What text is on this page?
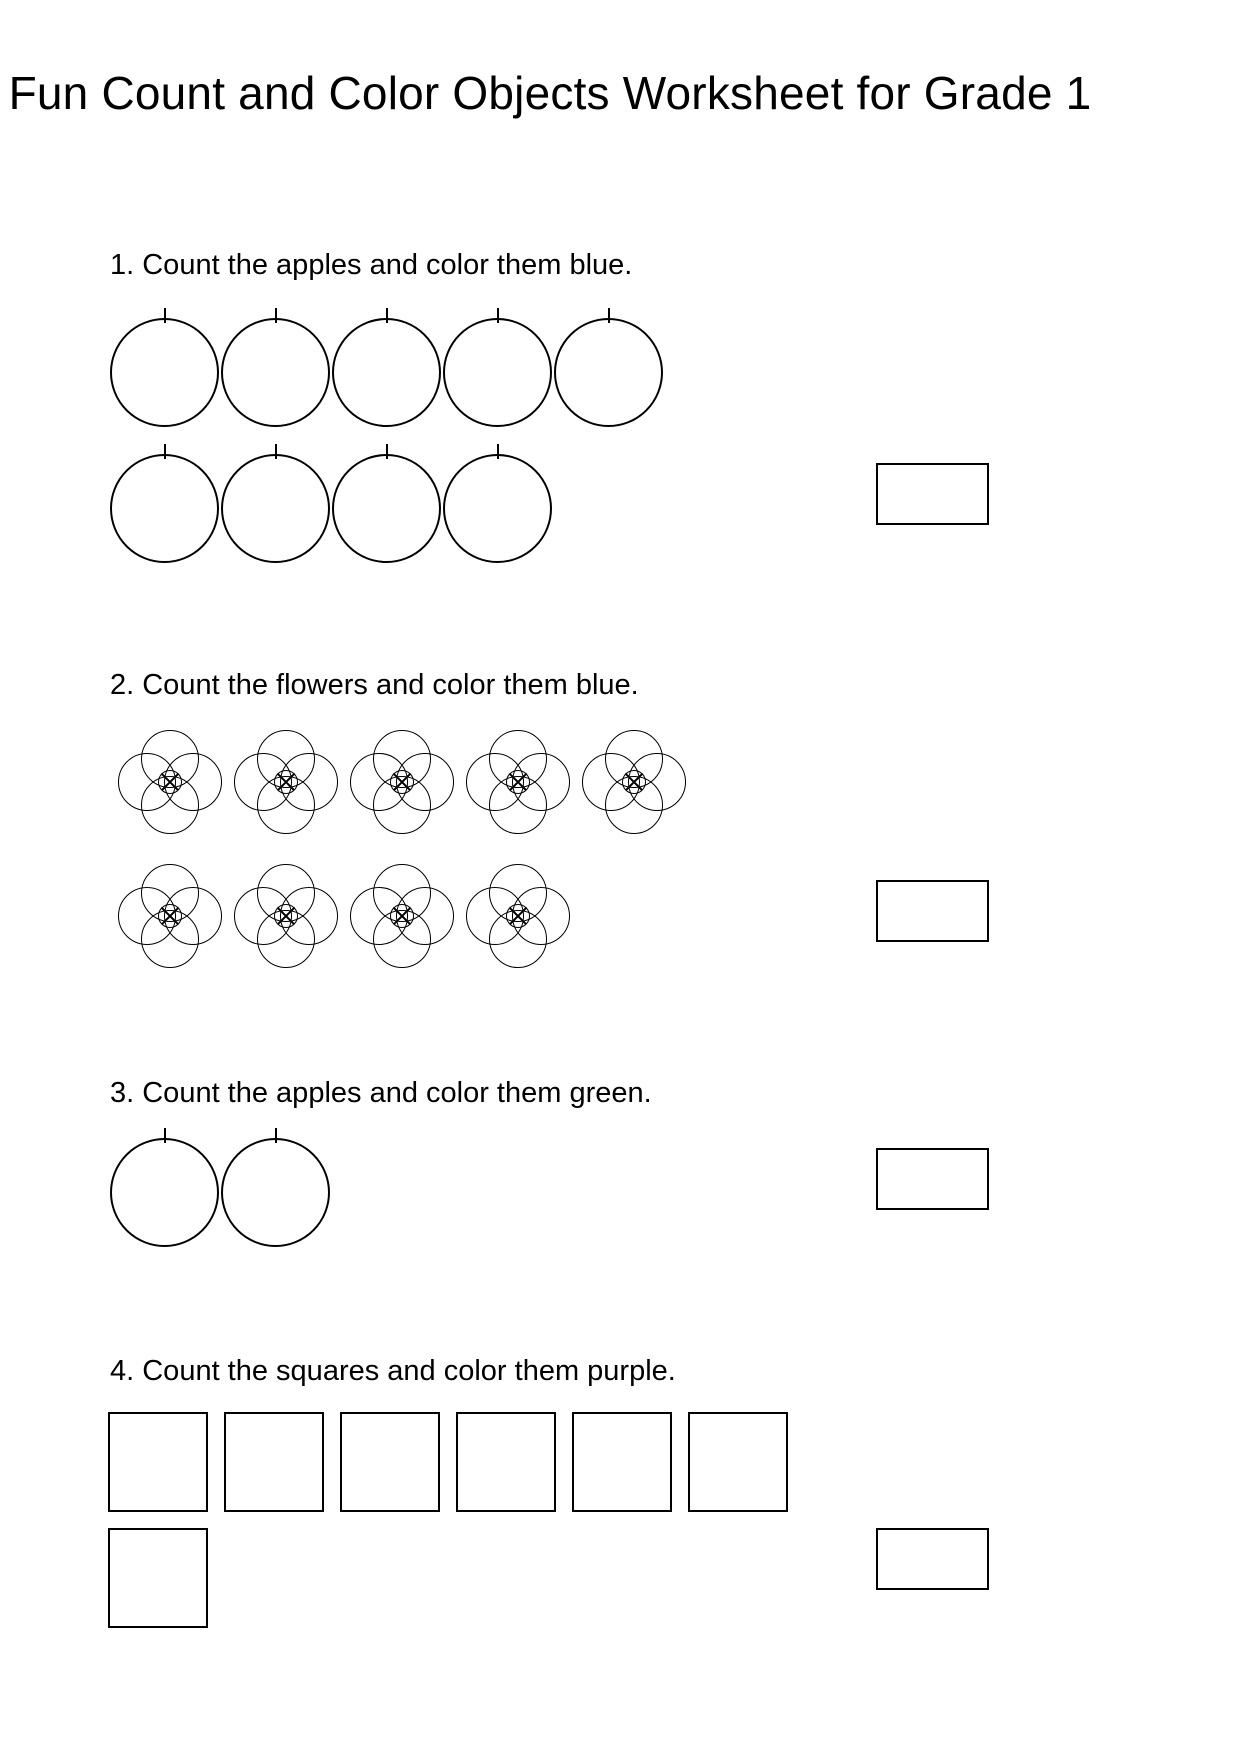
Fun Count and Color Objects Worksheet for Grade 1
1. Count the apples and color them blue.
2. Count the flowers and color them blue.
3. Count the apples and color them green.
4. Count the squares and color them purple.
